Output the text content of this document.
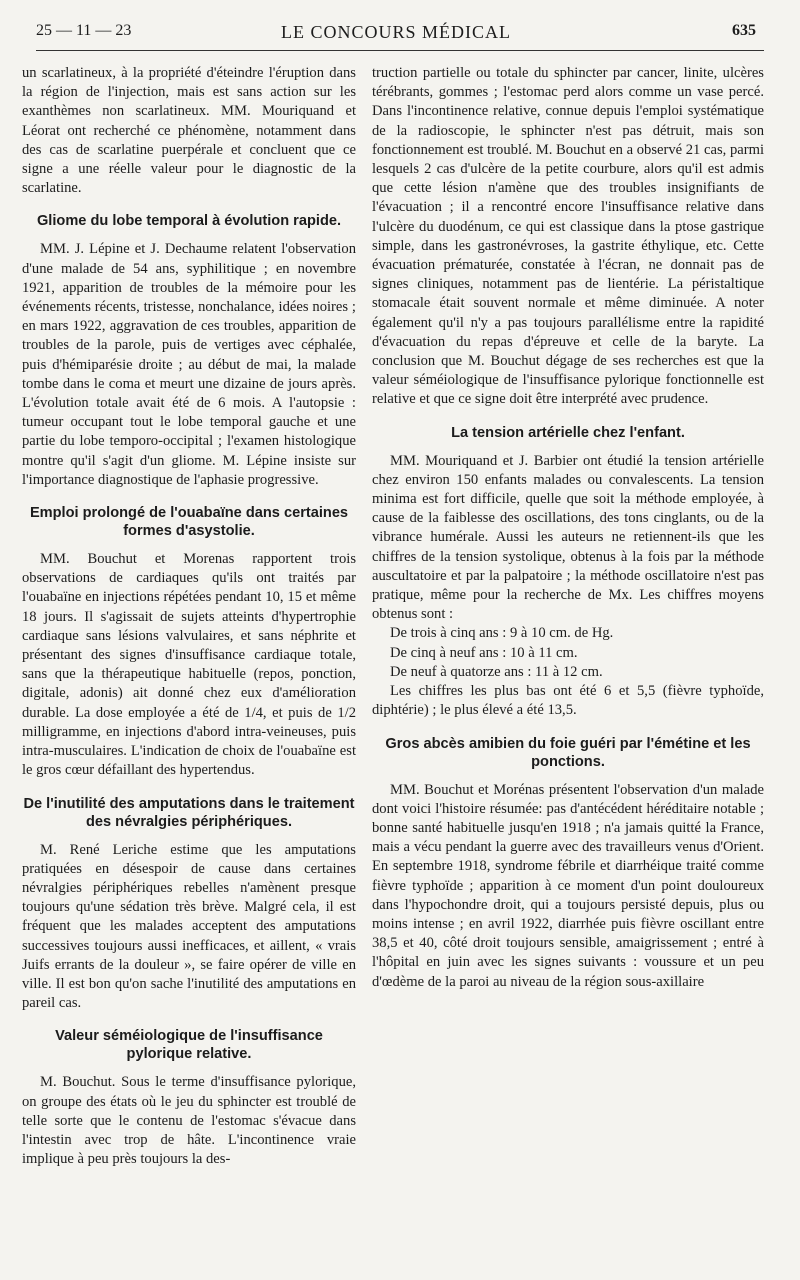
25 — 11 — 23	LE CONCOURS MÉDICAL	635

un scarlatineux, à la propriété d'éteindre l'éruption dans la région de l'injection, mais est sans action sur les exanthèmes non scarlatineux. MM. Mouriquand et Léorat ont recherché ce phénomène, notamment dans des cas de scarlatine puerpérale et concluent que ce signe a une réelle valeur pour le diagnostic de la scarlatine.

Gliome du lobe temporal à évolution rapide.

MM. J. Lépine et J. Dechaume relatent l'observation d'une malade de 54 ans, syphilitique ; en novembre 1921, apparition de troubles de la mémoire pour les événements récents, tristesse, nonchalance, idées noires ; en mars 1922, aggravation de ces troubles, apparition de troubles de la parole, puis de vertiges avec céphalée, puis d'hémiparésie droite ; au début de mai, la malade tombe dans le coma et meurt une dizaine de jours après. L'évolution totale avait été de 6 mois. A l'autopsie : tumeur occupant tout le lobe temporal gauche et une partie du lobe temporo-occipital ; l'examen histologique montre qu'il s'agit d'un gliome. M. Lépine insiste sur l'importance diagnostique de l'aphasie progressive.

Emploi prolongé de l'ouabaïne dans certaines formes d'asystolie.

MM. Bouchut et Morenas rapportent trois observations de cardiaques qu'ils ont traités par l'ouabaïne en injections répétées pendant 10, 15 et même 18 jours. Il s'agissait de sujets atteints d'hypertrophie cardiaque sans lésions valvulaires, et sans néphrite et présentant des signes d'insuffisance cardiaque totale, sans que la thérapeutique habituelle (repos, ponction, digitale, adonis) ait donné chez eux d'amélioration durable. La dose employée a été de 1/4, et puis de 1/2 milligramme, en injections d'abord intra-veineuses, puis intra-musculaires. L'indication de choix de l'ouabaïne est le gros cœur défaillant des hypertendus.

De l'inutilité des amputations dans le traitement des névralgies périphériques.

M. René Leriche estime que les amputations pratiquées en désespoir de cause dans certaines névralgies périphériques rebelles n'amènent presque toujours qu'une sédation très brève. Malgré cela, il est fréquent que les malades acceptent des amputations successives toujours aussi inefficaces, et aillent, « vrais Juifs errants de la douleur », se faire opérer de ville en ville. Il est bon qu'on sache l'inutilité des amputations en pareil cas.

Valeur séméiologique de l'insuffisance pylorique relative.

M. Bouchut. Sous le terme d'insuffisance pylorique, on groupe des états où le jeu du sphincter est troublé de telle sorte que le contenu de l'estomac s'évacue dans l'intestin avec trop de hâte. L'incontinence vraie implique à peu près toujours la des-

truction partielle ou totale du sphincter par cancer, linite, ulcères térébrants, gommes ; l'estomac perd alors comme un vase percé. Dans l'incontinence relative, connue depuis l'emploi systématique de la radioscopie, le sphincter n'est pas détruit, mais son fonctionnement est troublé. M. Bouchut en a observé 21 cas, parmi lesquels 2 cas d'ulcère de la petite courbure, alors qu'il est admis que cette lésion n'amène que des troubles insignifiants de l'évacuation ; il a rencontré encore l'insuffisance relative dans l'ulcère du duodénum, ce qui est classique dans la ptose gastrique simple, dans les gastronévroses, la gastrite éthylique, etc. Cette évacuation prématurée, constatée à l'écran, ne donnait pas de signes cliniques, notamment pas de lientérie. La péristaltique stomacale était souvent normale et même diminuée. A noter également qu'il n'y a pas toujours parallélisme entre la rapidité d'évacuation du repas d'épreuve et celle de la baryte. La conclusion que M. Bouchut dégage de ses recherches est que la valeur séméiologique de l'insuffisance pylorique fonctionnelle est relative et que ce signe doit être interprété avec prudence.

La tension artérielle chez l'enfant.

MM. Mouriquand et J. Barbier ont étudié la tension artérielle chez environ 150 enfants malades ou convalescents. La tension minima est fort difficile, quelle que soit la méthode employée, à cause de la faiblesse des oscillations, des tons cinglants, ou de la vibrance humérale. Aussi les auteurs ne retiennent-ils que les chiffres de la tension systolique, obtenus à la fois par la méthode auscultatoire et par la palpatoire ; la méthode oscillatoire n'est pas pratique, même pour la recherche de Mx. Les chiffres moyens obtenus sont :

De trois à cinq ans : 9 à 10 cm. de Hg.

De cinq à neuf ans : 10 à 11 cm.

De neuf à quatorze ans : 11 à 12 cm.

Les chiffres les plus bas ont été 6 et 5,5 (fièvre typhoïde, diphtérie) ; le plus élevé a été 13,5.

Gros abcès amibien du foie guéri par l'émétine et les ponctions.

MM. Bouchut et Morénas présentent l'observation d'un malade dont voici l'histoire résumée: pas d'antécédent héréditaire notable ; bonne santé habituelle jusqu'en 1918 ; n'a jamais quitté la France, mais a vécu pendant la guerre avec des travailleurs venus d'Orient. En septembre 1918, syndrome fébrile et diarrhéique traité comme fièvre typhoïde ; apparition à ce moment d'un point douloureux dans l'hypochondre droit, qui a toujours persisté depuis, plus ou moins intense ; en avril 1922, diarrhée puis fièvre oscillant entre 38,5 et 40, côté droit toujours sensible, amaigrissement ; entré à l'hôpital en juin avec les signes suivants : voussure et un peu d'œdème de la paroi au niveau de la région sous-axillaire
